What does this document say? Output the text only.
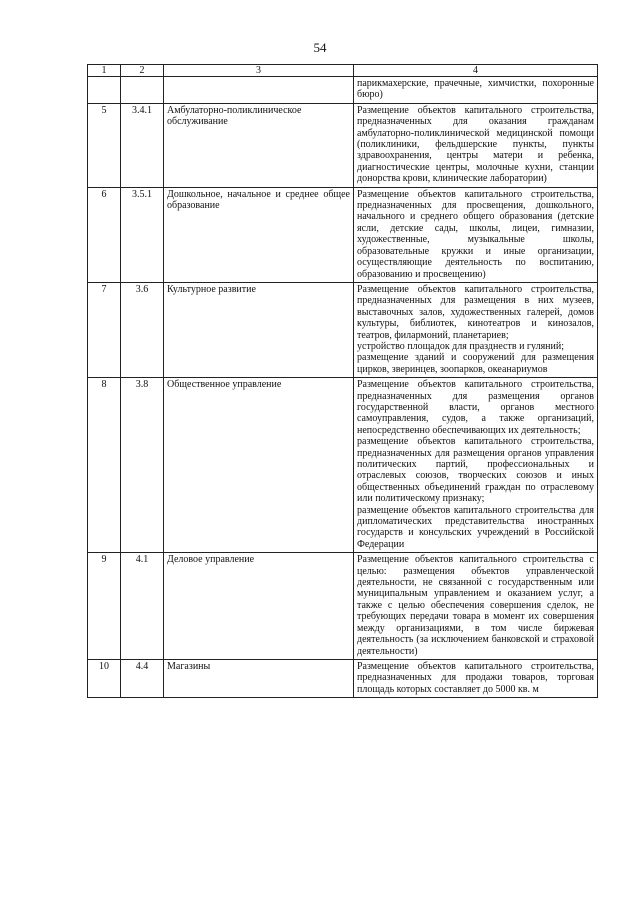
54
1	2	3	4
			парикмахерские, прачечные, химчистки, похоронные бюро)
5	3.4.1	Амбулаторно-поликлиническое обслуживание	Размещение объектов капитального строительства, предназначенных для оказания гражданам амбулаторно-поликлинической медицинской помощи (поликлиники, фельдшерские пункты, пункты здравоохранения, центры матери и ребенка, диагностические центры, молочные кухни, станции донорства крови, клинические лаборатории)

6	3.5.1	Дошкольное, начальное и среднее общее образование	Размещение объектов капитального строительства, предназначенных для просвещения, дошкольного, начального и среднего общего образования (детские ясли, детские сады, школы, лицеи, гимназии, художественные, музыкальные школы, образовательные кружки и иные организации, осуществляющие деятельность по воспитанию, образованию и просвещению)

7	3.6	Культурное развитие	Размещение объектов капитального строительства, предназначенных для размещения в них музеев, выставочных залов, художественных галерей, домов культуры, библиотек, кинотеатров и кинозалов, театров, филармоний, планетариев;
устройство площадок для празднеств и гуляний;
размещение зданий и сооружений для размещения цирков, зверинцев, зоопарков, океанариумов

8	3.8	Общественное управление	Размещение объектов капитального строительства, предназначенных для размещения органов государственной власти, органов местного самоуправления, судов, а также организаций, непосредственно обеспечивающих их деятельность;
размещение объектов капитального строительства, предназначенных для размещения органов управления политических партий, профессиональных и отраслевых союзов, творческих союзов и иных общественных объединений граждан по отраслевому или политическому признаку;
размещение объектов капитального строительства для дипломатических представительства иностранных государств и консульских учреждений в Российской Федерации

9	4.1	Деловое управление	Размещение объектов капитального строительства с целью: размещения объектов управленческой деятельности, не связанной с государственным или муниципальным управлением и оказанием услуг, а также с целью обеспечения совершения сделок, не требующих передачи товара в момент их совершения между организациями, в том числе биржевая деятельность (за исключением банковской и страховой деятельности)

10	4.4	Магазины	Размещение объектов капитального строительства, предназначенных для продажи товаров, торговая площадь которых составляет до 5000 кв. м
